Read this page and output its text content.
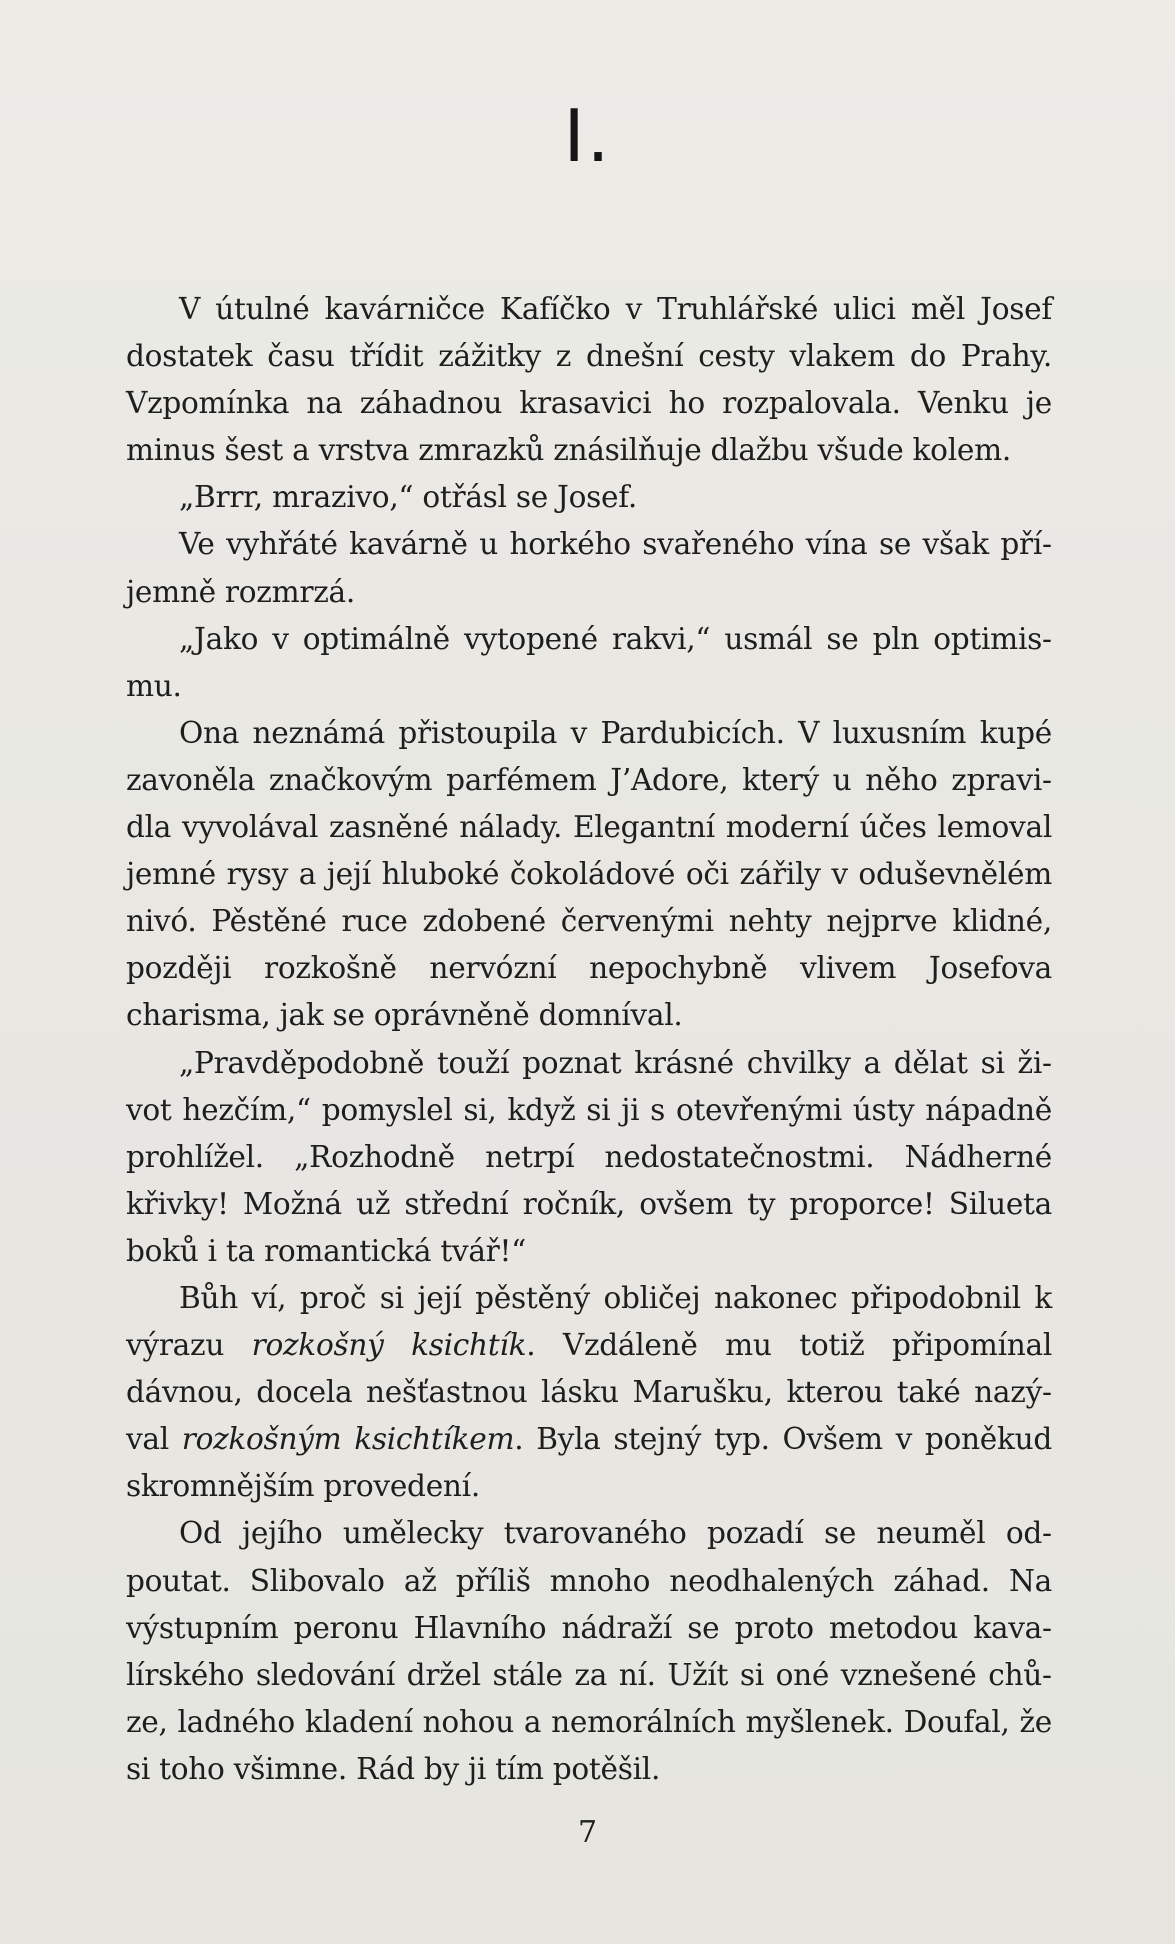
I.

V útulné kavárničce Kafíčko v Truhlářské ulici měl Josef dostatek času třídit zážitky z dnešní cesty vlakem do Prahy. Vzpomínka na záhadnou krasavici ho rozpalovala. Venku je minus šest a vrstva zmrazků znásilňuje dlažbu všude kolem.

„Brrr, mrazivo,“ otřásl se Josef.

Ve vyhřáté kavárně u horkého svařeného vína se však příjemně rozmrzá.

„Jako v optimálně vytopené rakvi,“ usmál se pln optimismu.

Ona neznámá přistoupila v Pardubicích. V luxusním kupé zavoněla značkovým parfémem J’Adore, který u něho zpravidla vyvolával zasněné nálady. Elegantní moderní účes lemoval jemné rysy a její hluboké čokoládové oči zářily v oduševnělém nivó. Pěstěné ruce zdobené červenými nehty nejprve klidné, později rozkošně nervózní nepochybně vlivem Josefova charisma, jak se oprávněně domníval.

„Pravděpodobně touží poznat krásné chvilky a dělat si život hezčím,“ pomyslel si, když si ji s otevřenými ústy nápadně prohlížel. „Rozhodně netrpí nedostatečnostmi. Nádherné křivky! Možná už střední ročník, ovšem ty proporce! Silueta boků i ta romantická tvář!“

Bůh ví, proč si její pěstěný obličej nakonec připodobnil k výrazu rozkošný ksichtík. Vzdáleně mu totiž připomínal dávnou, docela nešťastnou lásku Marušku, kterou také nazýval rozkošným ksichtíkem. Byla stejný typ. Ovšem v poněkud skromnějším provedení.

Od jejího umělecky tvarovaného pozadí se neuměl odpoutat. Slibovalo až příliš mnoho neodhalených záhad. Na výstupním peronu Hlavního nádraží se proto metodou kavalírského sledování držel stále za ní. Užít si oné vznešené chůze, ladného kladení nohou a nemorálních myšlenek. Doufal, že si toho všimne. Rád by ji tím potěšil.

7
